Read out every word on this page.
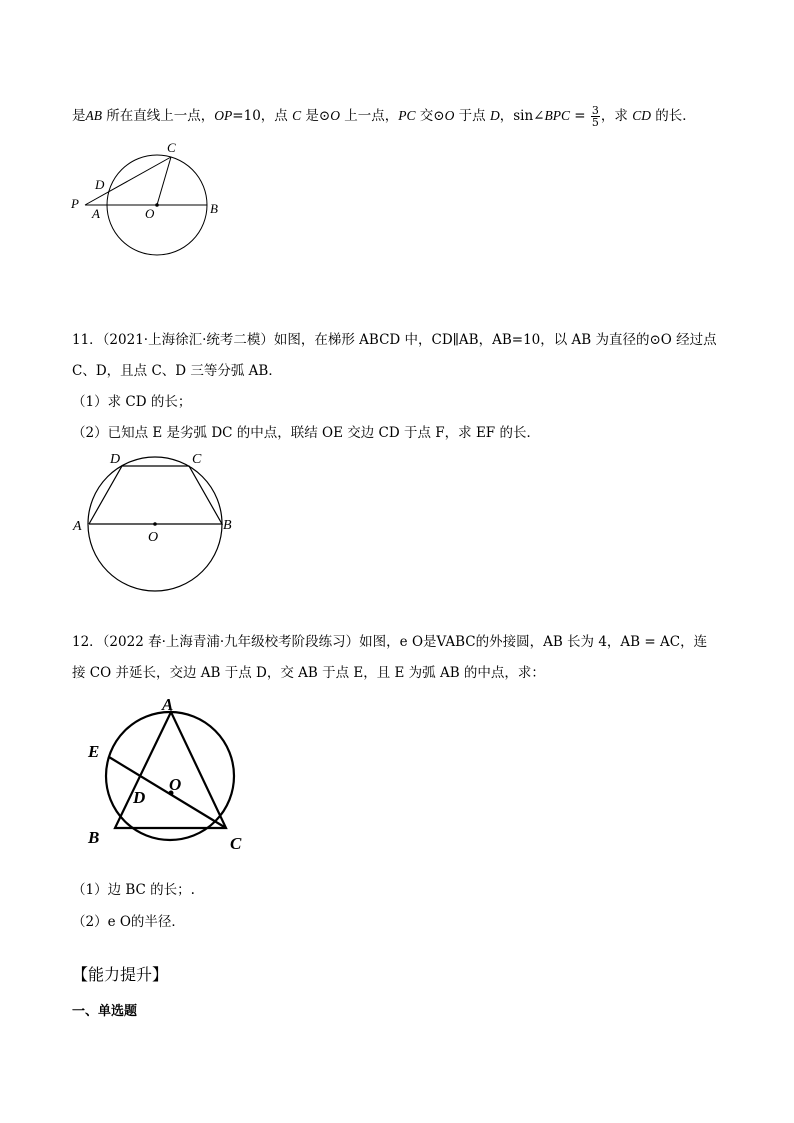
是AB 所在直线上一点，OP=10，点 C 是⊙O 上一点，PC 交⊙O 于点 D，sin∠BPC = $\frac{3}{5}$ ，求 CD 的长．
P
D
C
A	O	B
11．（2021·上海徐汇·统考二模）如图，在梯形 ABCD 中，CD∥AB，AB=10，以 AB 为直径的⊙O 经过点
C、D，且点 C、D 三等分弧 AB．
（1）求 CD 的长；
（2）已知点 E 是劣弧 DC 的中点，联结 OE 交边 CD 于点 F，求 EF 的长．
D	C
A	B
O
12．（2022 春·上海青浦·九年级校考阶段练习）如图，e O是VABC的外接圆，AB 长为 4，AB = AC，连
接 CO 并延长，交边 AB 于点 D，交 AB 于点 E，且 E 为弧 AB 的中点，求：
A
E
O
D
B	C
（1）边 BC 的长；.
（2）e O的半径．
【能力提升】
一、单选题
